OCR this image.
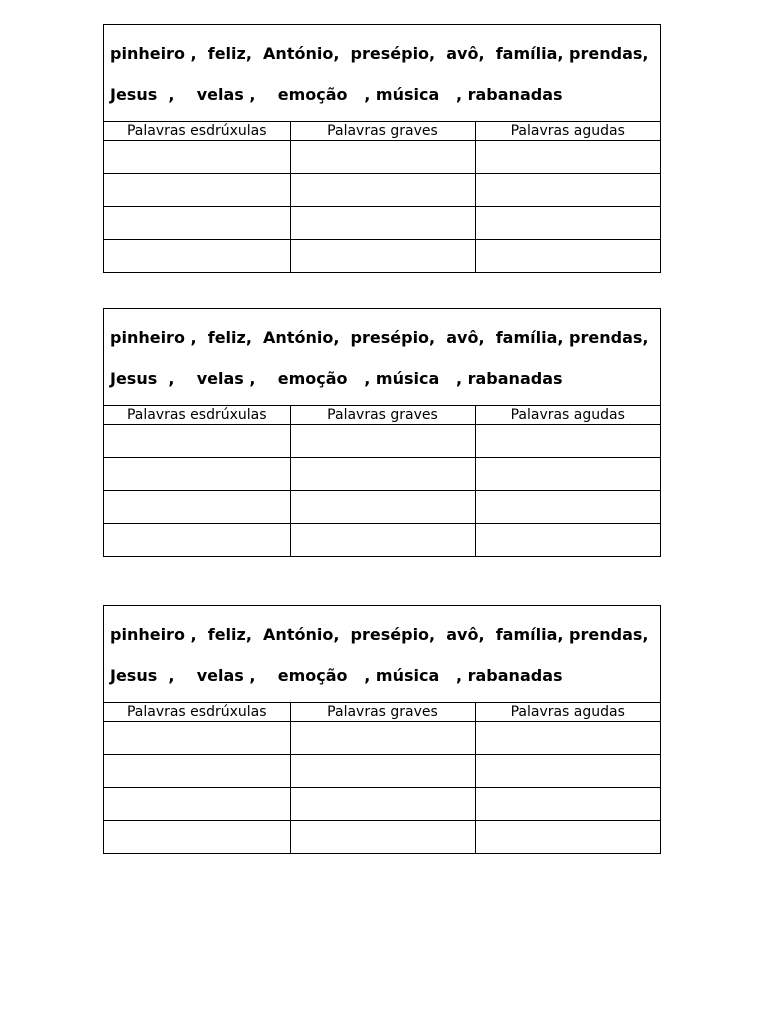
pinheiro ,  feliz,  António,  presépio,  avô,  família, prendas,
Jesus  ,    velas ,    emoção   , música   , rabanadas
Palavras esdrúxulas	Palavras graves	Palavras agudas

pinheiro ,  feliz,  António,  presépio,  avô,  família, prendas,
Jesus  ,    velas ,    emoção   , música   , rabanadas
Palavras esdrúxulas	Palavras graves	Palavras agudas

pinheiro ,  feliz,  António,  presépio,  avô,  família, prendas,
Jesus  ,    velas ,    emoção   , música   , rabanadas
Palavras esdrúxulas	Palavras graves	Palavras agudas
